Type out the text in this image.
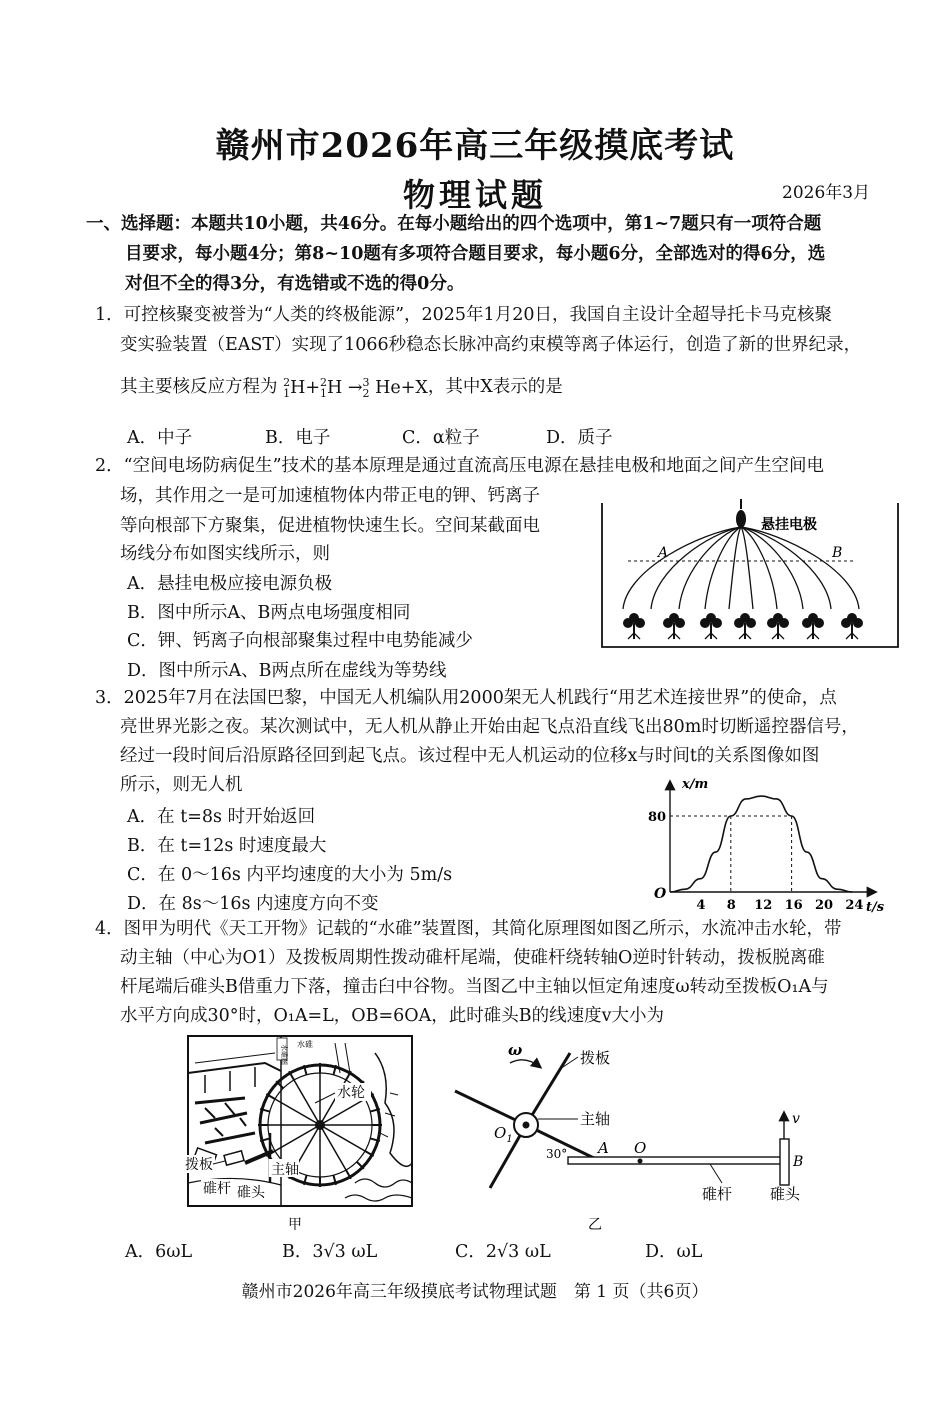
赣州市2026年高三年级摸底考试
物理试题	2026年3月
一、选择题：本题共10小题，共46分。在每小题给出的四个选项中，第1~7题只有一项符合题
目要求，每小题4分；第8~10题有多项符合题目要求，每小题6分，全部选对的得6分，选
对但不全的得3分，有选错或不选的得0分。
1．可控核聚变被誉为“人类的终极能源”，2025年1月20日，我国自主设计全超导托卡马克核聚
变实验装置（EAST）实现了1066秒稳态长脉冲高约束模等离子体运行，创造了新的世界纪录，
其主要核反应方程为 2
1 H+ 2
1 H → 3
2 He+X，其中X表示的是
A．中子	B．电子	C．α粒子	D．质子
2．“空间电场防病促生”技术的基本原理是通过直流高压电源在悬挂电极和地面之间产生空间电
场，其作用之一是可加速植物体内带正电的钾、钙离子
等向根部下方聚集，促进植物快速生长。空间某截面电
场线分布如图实线所示，则
A．悬挂电极应接电源负极
B．图中所示A、B两点电场强度相同
C．钾、钙离子向根部聚集过程中电势能减少
D．图中所示A、B两点所在虚线为等势线
悬挂电极
A	B
3．2025年7月在法国巴黎，中国无人机编队用2000架无人机践行“用艺术连接世界”的使命，点
亮世界光影之夜。某次测试中，无人机从静止开始由起飞点沿直线飞出80m时切断遥控器信号，
经过一段时间后沿原路径回到起飞点。该过程中无人机运动的位移x与时间t的关系图像如图
所示，则无人机
A．在 t=8s 时开始返回
B．在 t=12s 时速度最大
C．在 0～16s 内平均速度的大小为 5m/s
D．在 8s～16s 内速度方向不变
x/m
t/s
O
4 8 12 16 20 24
80
4．图甲为明代《天工开物》记载的“水碓”装置图，其简化原理图如图乙所示，水流冲击水轮，带
动主轴（中心为O1）及拨板周期性拨动碓杆尾端，使碓杆绕转轴O逆时针转动，拨板脱离碓
杆尾端后碓头B借重力下落，撞击臼中谷物。当图乙中主轴以恒定角速度ω转动至拨板O₁A与
水平方向成30°时，O₁A=L，OB=6OA，此时碓头B的线速度v大小为
水碓图 水碓
水轮
拨板	主轴
碓杆 碓头
甲
ω	拨板
主轴
$O_1$
30° A O
v
B
碓杆	碓头
乙
A．6ωL	B．3√3 ωL	C．2√3 ωL	D．ωL
赣州市2026年高三年级摸底考试物理试题　第 1 页（共6页）
